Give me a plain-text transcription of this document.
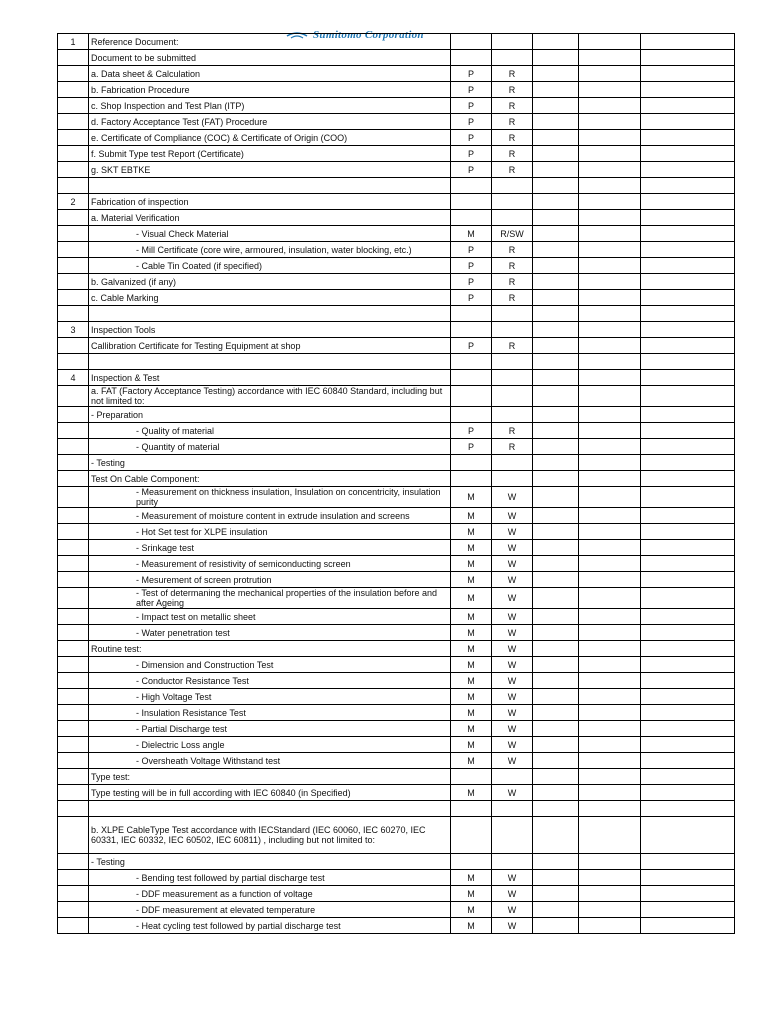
Sumitomo Corporation
1	Reference Document:					
	Document to be submitted					
	a. Data sheet & Calculation	P	R			
	b. Fabrication Procedure	P	R			
	c. Shop Inspection and Test Plan (ITP)	P	R			
	d. Factory Acceptance Test (FAT) Procedure	P	R			
	e. Certificate of Compliance (COC) & Certificate of Origin (COO)	P	R			
	f. Submit Type test Report (Certificate)	P	R			
	g. SKT EBTKE	P	R			

2	Fabrication of inspection					
	a. Material Verification					
	- Visual Check Material	M	R/SW			
	- Mill Certificate (core wire, armoured, insulation, water blocking, etc.)	P	R			
	- Cable Tin Coated (if specified)	P	R			
	b. Galvanized (if any)	P	R			
	c. Cable Marking	P	R			

3	Inspection Tools					
	Callibration Certificate for Testing Equipment at shop	P	R			

4	Inspection & Test					
	a. FAT (Factory Acceptance Testing) accordance with IEC 60840 Standard, including but not limited to:					
	- Preparation					
	- Quality of material	P	R			
	- Quantity of material	P	R			
	- Testing					
	Test On Cable Component:					
	- Measurement on thickness insulation, Insulation on concentricity, insulation purity	M	W			
	- Measurement of moisture content in extrude insulation and screens	M	W			
	- Hot Set test for XLPE insulation	M	W			
	- Srinkage test	M	W			
	- Measurement of resistivity of semiconducting screen	M	W			
	- Mesurement of screen protrution	M	W			
	- Test of determaning the mechanical properties of the insulation before and after Ageing	M	W			
	- Impact test on metallic sheet	M	W			
	- Water penetration test	M	W			
	Routine test:	M	W			
	- Dimension and Construction Test	M	W			
	- Conductor Resistance Test	M	W			
	- High Voltage Test	M	W			
	- Insulation Resistance Test	M	W			
	- Partial Discharge test	M	W			
	- Dielectric Loss angle	M	W			
	- Oversheath Voltage Withstand test	M	W			
	Type test:					
	Type testing will be in full according with IEC 60840 (in Specified)	M	W			

	b. XLPE CableType Test accordance with IECStandard (IEC 60060, IEC 60270, IEC 60331, IEC 60332, IEC 60502, IEC 60811) , including but not limited to:					
	- Testing					
	- Bending test followed by partial discharge test	M	W			
	- DDF measurement as a function of voltage	M	W			
	- DDF measurement at elevated temperature	M	W			
	- Heat cycling test followed by partial discharge test	M	W			
